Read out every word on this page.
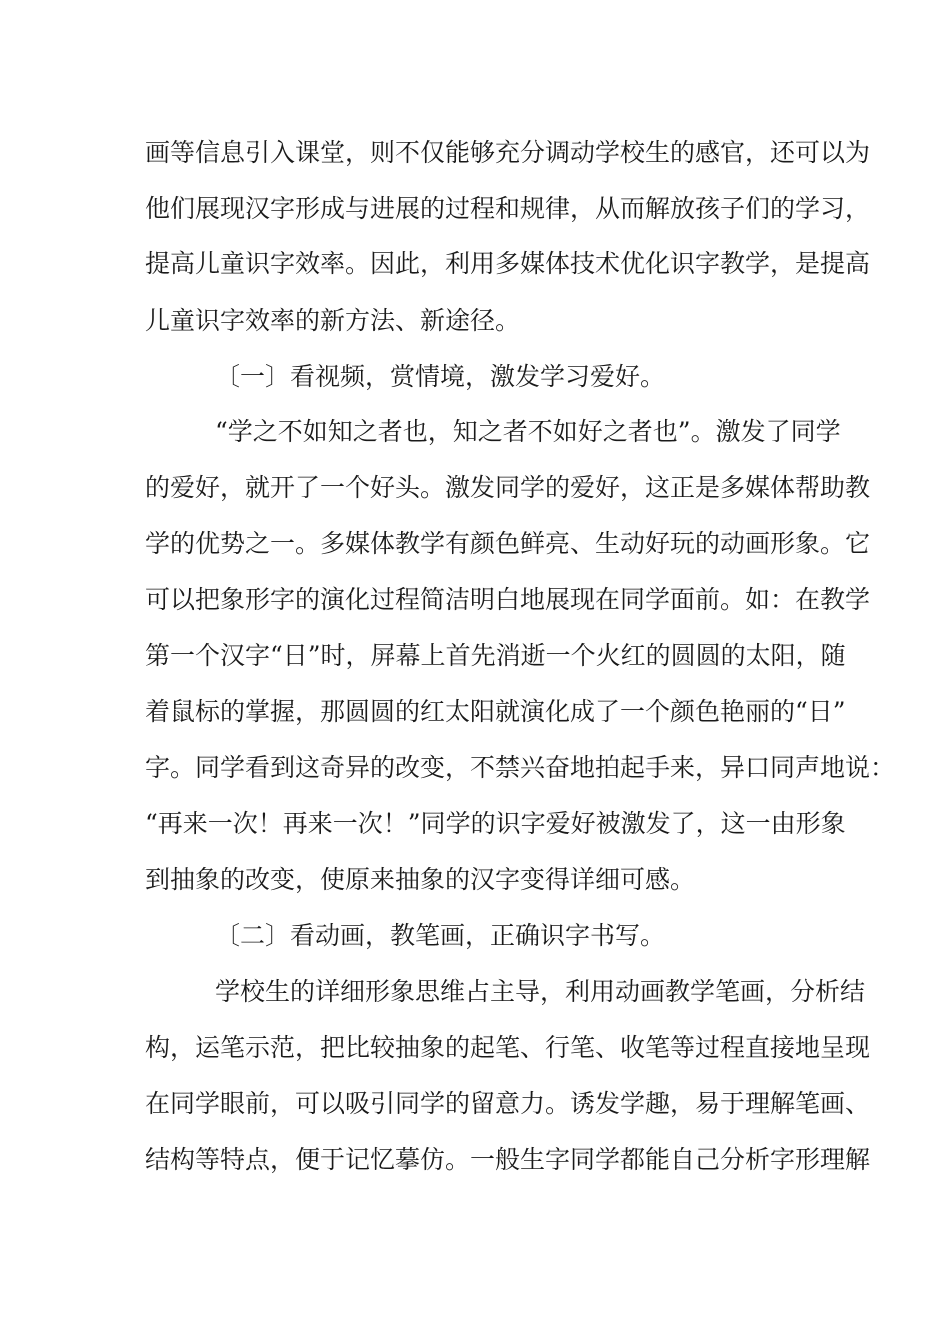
画等信息引入课堂，则不仅能够充分调动学校生的感官，还可以为
他们展现汉字形成与进展的过程和规律，从而解放孩子们的学习，
提高儿童识字效率。因此，利用多媒体技术优化识字教学，是提高
儿童识字效率的新方法、新途径。
〔一〕看视频，赏情境，激发学习爱好。
“学之不如知之者也，知之者不如好之者也”。激发了同学
的爱好，就开了一个好头。激发同学的爱好，这正是多媒体帮助教
学的优势之一。多媒体教学有颜色鲜亮、生动好玩的动画形象。它
可以把象形字的演化过程简洁明白地展现在同学面前。如：在教学
第一个汉字“日”时，屏幕上首先消逝一个火红的圆圆的太阳，随
着鼠标的掌握，那圆圆的红太阳就演化成了一个颜色艳丽的“日”
字。同学看到这奇异的改变，不禁兴奋地拍起手来，异口同声地说：
“再来一次！再来一次！”同学的识字爱好被激发了，这一由形象
到抽象的改变，使原来抽象的汉字变得详细可感。
〔二〕看动画，教笔画，正确识字书写。
学校生的详细形象思维占主导，利用动画教学笔画，分析结
构，运笔示范，把比较抽象的起笔、行笔、收笔等过程直接地呈现
在同学眼前，可以吸引同学的留意力。诱发学趣，易于理解笔画、
结构等特点，便于记忆摹仿。一般生字同学都能自己分析字形理解
